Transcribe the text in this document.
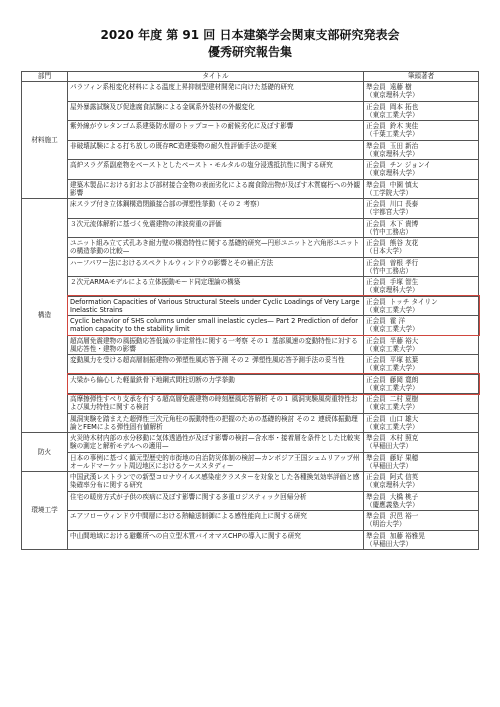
2020 年度 第 91 回 日本建築学会関東支部研究発表会
優秀研究報告集
部門	タイトル	筆頭著者
材料施工	パラフィン系相変化材料による温度上昇抑制型建材開発に向けた基礎的研究	準会員 遠藤 樹
（東京理科大学）

	屋外暴露試験及び促進腐食試験による金属系外装材の外観変化	正会員 岡本 拓也
（東京工業大学）

	紫外線がウレタンゴム系建築防水層のトップコートの耐候劣化に及ぼす影響	正会員 鈴木 実佳
（千葉工業大学）

	非破壊試験による打ち放しの既存RC造建築物の耐久性評価手法の提案	準会員 玉田 新治
（東京理科大学）

	高炉スラグ系副産物をベーストとしたペースト・モルタルの塩分浸透抵抗性に関する研究	正会員 チン ジョンイ
（東京理科大学）

	建築木製品における釘および部材接合金物の表面劣化による腐食除出物が及ぼす木質腐朽への外観影響	準会員 中園 慎太
（工学院大学）

構造	床スラブ付き立体鋼構造閉鎖接合部の弾塑性挙動（その２ 考察）	正会員 川口 長泰
（宇都宮大学）

	３次元流体解析に基づく免震建物の津波荷重の評価	正会員 木下 貴博
（竹中工務店）

	ユニット組み立て式孔あき耐力壁の構造特性に関する基礎的研究—円形ユニットと六角形ユニットの構造挙動の比較—	正会員 熊谷 友花
（日本大学）

	ハーフパワー法におけるスペクトルウィンドウの影響とその補正方法	正会員 曽根 孝行
（竹中工務店）

	２次元ARMAモデルによる立体振動モード同定理論の構築	正会員 手塚 智生
（東京理科大学）

	Deformation Capacities of Various Structural Steels under Cyclic Loadings of Very Large Inelastic Strains	正会員 トッチ タイリン
（東京工業大学）

	Cyclic behavior of SHS columns under small inelastic cycles— Part 2 Prediction of deformation capacity to the stability limit	正会員 霍 洋
（東京工業大学）

	超高層免震建物の風振動応答低減の非定常性に関する一考察 その１ 基部風速の変動特性に対する風応答性・建物の影響	正会員 半藤 裕大
（東京工業大学）

	変動風力を受ける超高層制振建物の弾塑性風応答予測 その２ 弾塑性風応答予測手法の妥当性	正会員 平塚 拡葉
（東京工業大学）

	大梁から偏心した軽量鉄骨下地鋼式間柱切断の力学挙動	正会員 藤岡 寛朗
（東京工業大学）

	高摩擦弾性すべり支承を有する超高層免震建物の時刻歴風応答解析 その１ 風洞実験風荷重特性および風力特性に関する検討	正会員 二村 夏樹
（東京工業大学）

	風洞実験を踏まえた超弾性三次元角柱の振動特性の把握のための基礎的検討 その２ 連続体振動理論とFEMによる弾性固有値解析	正会員 山口 雄大
（東京工業大学）

防火	火災時木材内部の水分移動に気体透過性が及ぼす影響の検討—含水率・接着層を条件とした比較実験の測定と解析モデルへの適用—	準会員 木村 照克
（早稲田大学）

	日本の事例に基づく鎮元型歴史的市街地の自治防災体制の検討—カンボジア王国シェムリアップ州オールドマーケット周辺地区におけるケーススタディー	準会員 藤好 果穂
（早稲田大学）

環境工学	中国武漢レストランでの新型コロナウイルス感染症クラスターを対象とした各種換気効率評価と感染確率分布に関する研究	正会員 阿式 信英
（東京理科大学）

	住宅の暖房方式が子供の疾病に及ぼす影響に関する多重ロジスティック回帰分析	準会員 大橋 桃子
（慶應義塾大学）

	エアフローウィンドウ中間層における熱輸送制御による感性能向上に関する研究	準会員 沢邑 裕一
（明治大学）

	中山間地域における避難所への自立型木質バイオマスCHPの導入に関する研究	準会員 加藤 裕雅晃
（早稲田大学）
